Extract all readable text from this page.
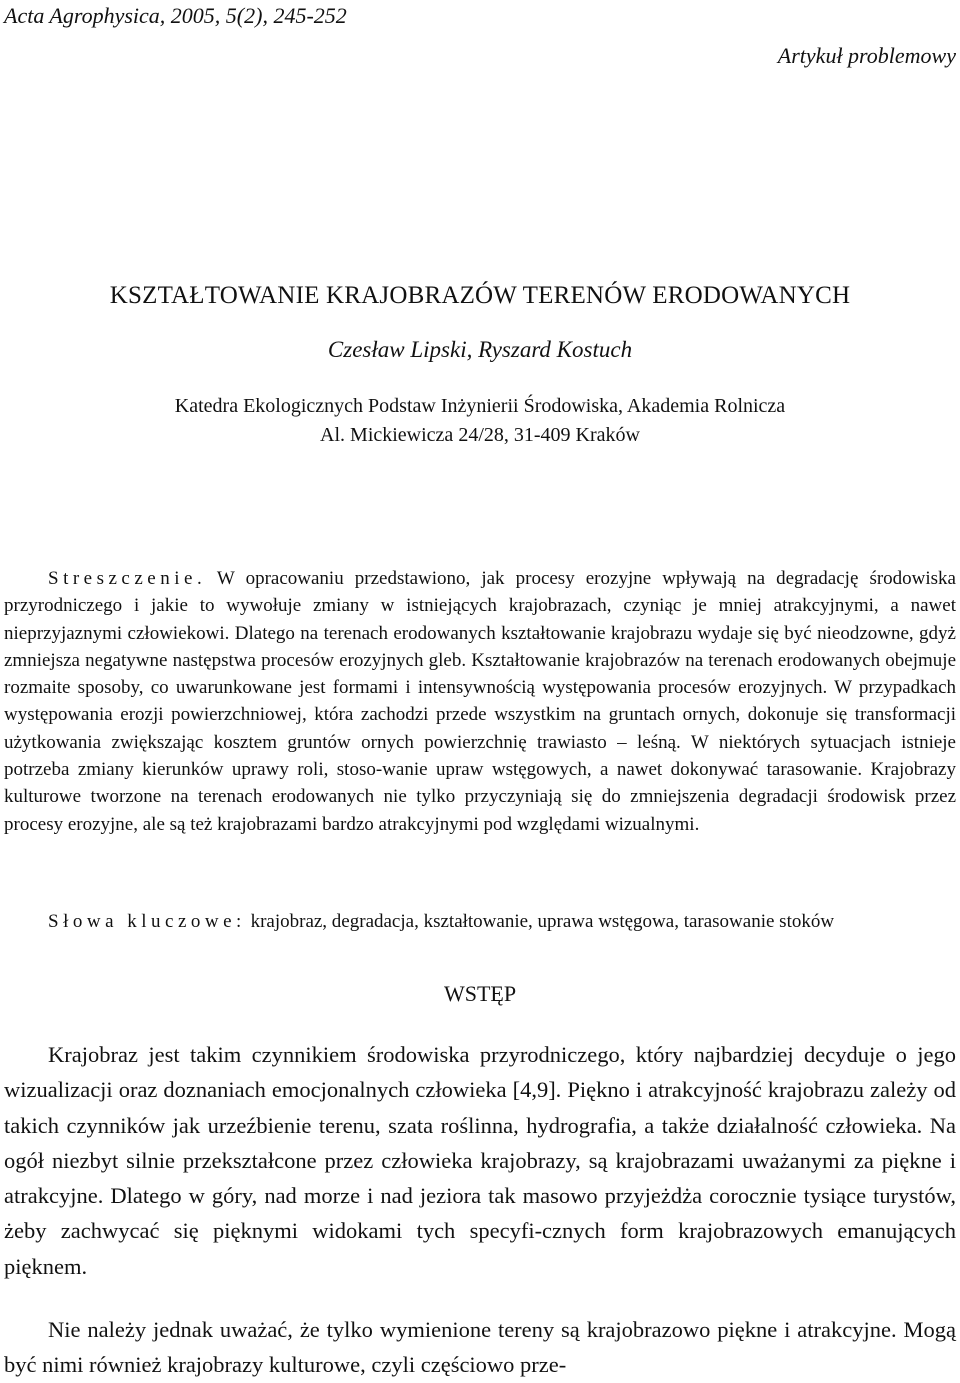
Acta Agrophysica, 2005, 5(2), 245-252
Artykuł problemowy
KSZTAŁTOWANIE KRAJOBRAZÓW TERENÓW ERODOWANYCH
Czesław Lipski, Ryszard Kostuch
Katedra Ekologicznych Podstaw Inżynierii Środowiska, Akademia Rolnicza
Al. Mickiewicza 24/28, 31-409 Kraków

Streszczenie. W opracowaniu przedstawiono, jak procesy erozyjne wpływają na degradację środowiska przyrodniczego i jakie to wywołuje zmiany w istniejących krajobrazach, czyniąc je mniej atrakcyjnymi, a nawet nieprzyjaznymi człowiekowi. Dlatego na terenach erodowanych kształtowanie krajobrazu wydaje się być nieodzowne, gdyż zmniejsza negatywne następstwa procesów erozyjnych gleb. Kształtowanie krajobrazów na terenach erodowanych obejmuje rozmaite sposoby, co uwarunkowane jest formami i intensywnością występowania procesów erozyjnych. W przypadkach występowania erozji powierzchniowej, która zachodzi przede wszystkim na gruntach ornych, dokonuje się transformacji użytkowania zwiększając kosztem gruntów ornych powierzchnię trawiasto – leśną. W niektórych sytuacjach istnieje potrzeba zmiany kierunków uprawy roli, stoso-wanie upraw wstęgowych, a nawet dokonywać tarasowanie. Krajobrazy kulturowe tworzone na terenach erodowanych nie tylko przyczyniają się do zmniejszenia degradacji środowisk przez procesy erozyjne, ale są też krajobrazami bardzo atrakcyjnymi pod względami wizualnymi.

Słowa kluczowe: krajobraz, degradacja, kształtowanie, uprawa wstęgowa, tarasowanie stoków

WSTĘP

Krajobraz jest takim czynnikiem środowiska przyrodniczego, który najbardziej decyduje o jego wizualizacji oraz doznaniach emocjonalnych człowieka [4,9]. Piękno i atrakcyjność krajobrazu zależy od takich czynników jak urzeźbienie terenu, szata roślinna, hydrografia, a także działalność człowieka. Na ogół niezbyt silnie przekształcone przez człowieka krajobrazy, są krajobrazami uważanymi za piękne i atrakcyjne. Dlatego w góry, nad morze i nad jeziora tak masowo przyjeżdża corocznie tysiące turystów, żeby zachwycać się pięknymi widokami tych specyfi-cznych form krajobrazowych emanujących pięknem.

Nie należy jednak uważać, że tylko wymienione tereny są krajobrazowo piękne i atrakcyjne. Mogą być nimi również krajobrazy kulturowe, czyli częściowo prze-
